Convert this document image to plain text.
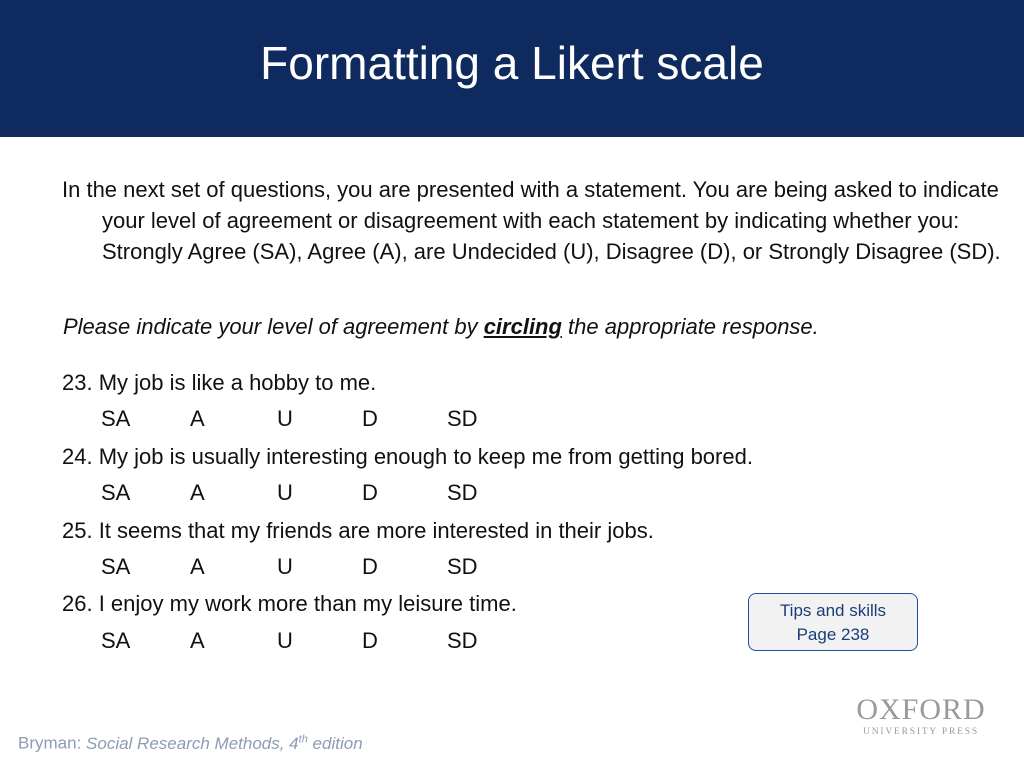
Formatting a Likert scale
In the next set of questions, you are presented with a statement. You are being asked to indicate your level of agreement or disagreement with each statement by indicating whether you: Strongly Agree (SA), Agree (A), are Undecided (U), Disagree (D), or Strongly Disagree (SD).
Please indicate your level of agreement by circling the appropriate response.
23. My job is like a hobby to me.
SA	A	U	D	SD
24. My job is usually interesting enough to keep me from getting bored.
SA	A	U	D	SD
25. It seems that my friends are more interested in their jobs.
SA	A	U	D	SD
26. I enjoy my work more than my leisure time.
SA	A	U	D	SD
Tips and skills
Page 238
OXFORD
UNIVERSITY PRESS
Bryman: Social Research Methods, 4th edition
